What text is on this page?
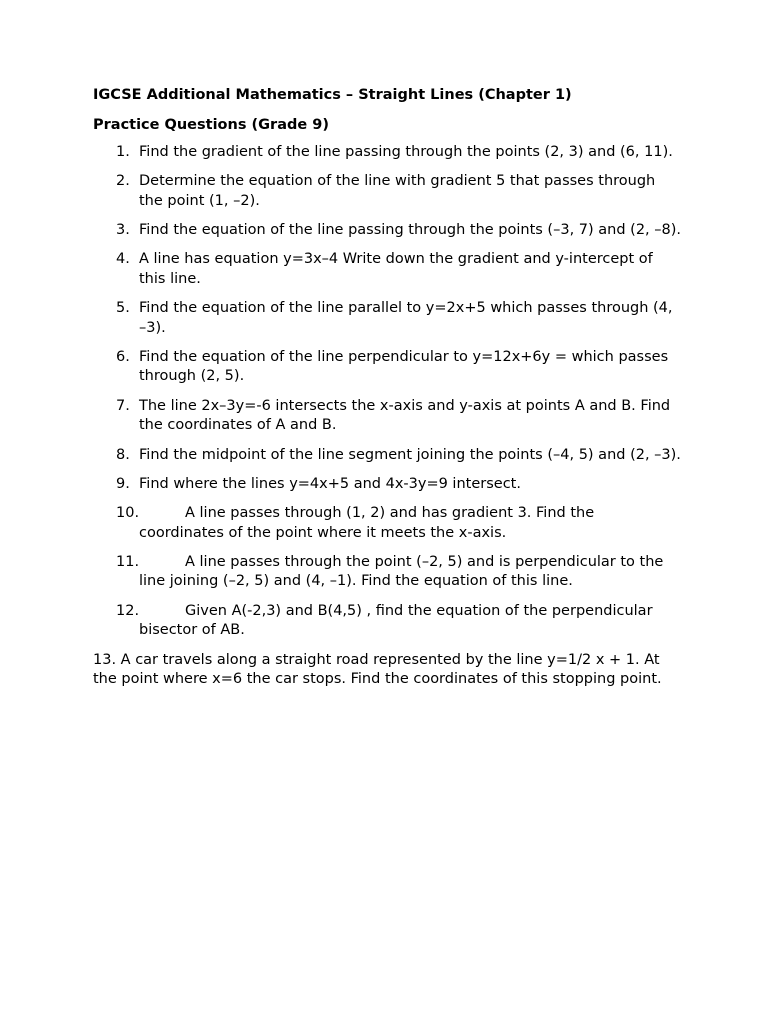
IGCSE Additional Mathematics – Straight Lines (Chapter 1)
Practice Questions (Grade 9)
1. Find the gradient of the line passing through the points (2, 3) and (6, 11).
2. Determine the equation of the line with gradient 5 that passes through the point (1, –2).
3. Find the equation of the line passing through the points (–3, 7) and (2, –8).
4. A line has equation y=3x–4 Write down the gradient and y-intercept of this line.
5. Find the equation of the line parallel to y=2x+5 which passes through (4, –3).
6. Find the equation of the line perpendicular to y=12x+6y = which passes through (2, 5).
7. The line 2x–3y=-6 intersects the x-axis and y-axis at points A and B. Find the coordinates of A and B.
8. Find the midpoint of the line segment joining the points (–4, 5) and (2, –3).
9. Find where the lines y=4x+5 and 4x-3y=9 intersect.
10.	A line passes through (1, 2) and has gradient 3. Find the coordinates of the point where it meets the x-axis.
11.	A line passes through the point (–2, 5) and is perpendicular to the line joining (–2, 5) and (4, –1). Find the equation of this line.
12.	Given A(-2,3) and B(4,5) , find the equation of the perpendicular bisector of AB.

13. A car travels along a straight road represented by the line y=1/2 x + 1. At the point where x=6 the car stops. Find the coordinates of this stopping point.
